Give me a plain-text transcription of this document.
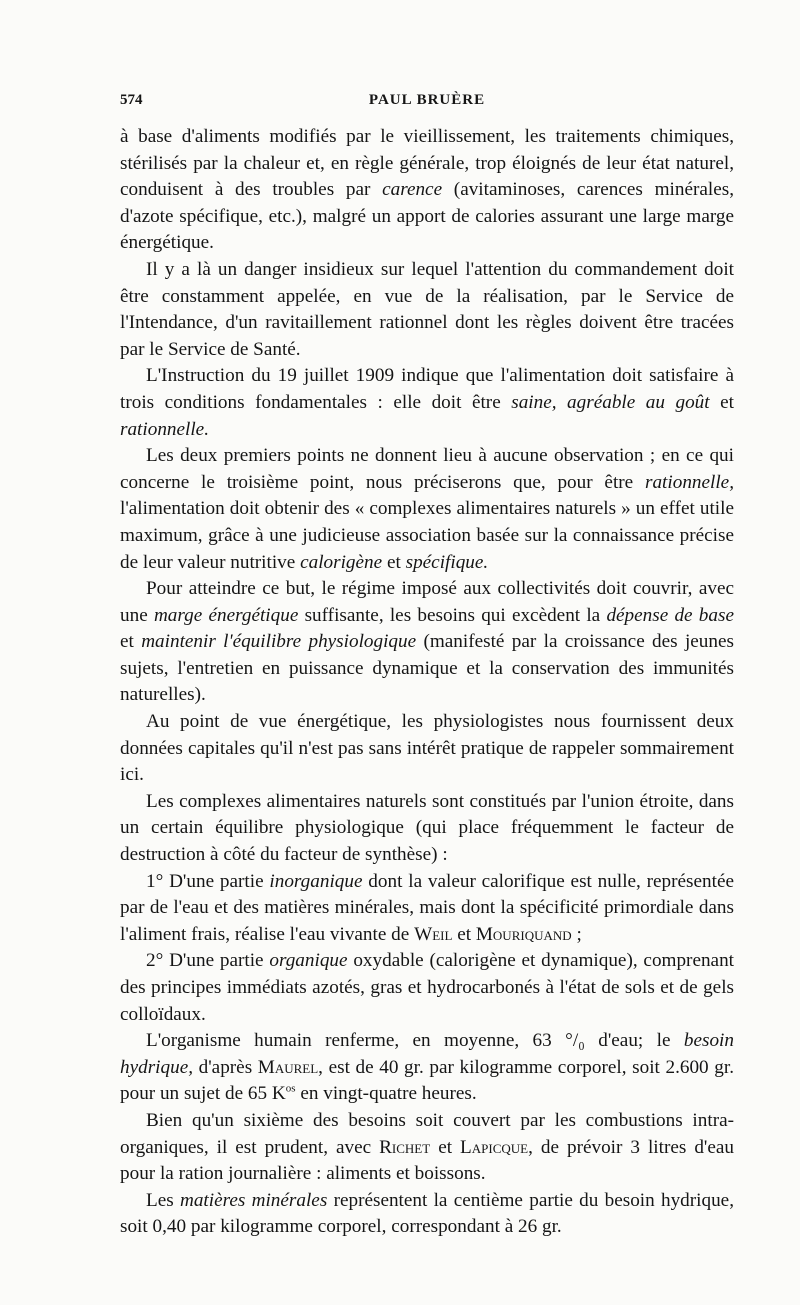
574	PAUL BRUÈRE

à base d'aliments modifiés par le vieillissement, les traitements chimiques, stérilisés par la chaleur et, en règle générale, trop éloignés de leur état naturel, conduisent à des troubles par carence (avitaminoses, carences minérales, d'azote spécifique, etc.), malgré un apport de calories assurant une large marge énergétique.

Il y a là un danger insidieux sur lequel l'attention du commandement doit être constamment appelée, en vue de la réalisation, par le Service de l'Intendance, d'un ravitaillement rationnel dont les règles doivent être tracées par le Service de Santé.

L'Instruction du 19 juillet 1909 indique que l'alimentation doit satisfaire à trois conditions fondamentales : elle doit être saine, agréable au goût et rationnelle.

Les deux premiers points ne donnent lieu à aucune observation ; en ce qui concerne le troisième point, nous préciserons que, pour être rationnelle, l'alimentation doit obtenir des « complexes alimentaires naturels » un effet utile maximum, grâce à une judicieuse association basée sur la connaissance précise de leur valeur nutritive calorigène et spécifique.

Pour atteindre ce but, le régime imposé aux collectivités doit couvrir, avec une marge énergétique suffisante, les besoins qui excèdent la dépense de base et maintenir l'équilibre physiologique (manifesté par la croissance des jeunes sujets, l'entretien en puissance dynamique et la conservation des immunités naturelles).

Au point de vue énergétique, les physiologistes nous fournissent deux données capitales qu'il n'est pas sans intérêt pratique de rappeler sommairement ici.

Les complexes alimentaires naturels sont constitués par l'union étroite, dans un certain équilibre physiologique (qui place fréquemment le facteur de destruction à côté du facteur de synthèse) :

1° D'une partie inorganique dont la valeur calorifique est nulle, représentée par de l'eau et des matières minérales, mais dont la spécificité primordiale dans l'aliment frais, réalise l'eau vivante de Weil et Mouriquand ;

2° D'une partie organique oxydable (calorigène et dynamique), comprenant des principes immédiats azotés, gras et hydrocarbonés à l'état de sols et de gels colloïdaux.

L'organisme humain renferme, en moyenne, 63 °/₀ d'eau; le besoin hydrique, d'après Maurel, est de 40 gr. par kilogramme corporel, soit 2.600 gr. pour un sujet de 65 $K^{os}$ en vingt-quatre heures.

Bien qu'un sixième des besoins soit couvert par les combustions intra-organiques, il est prudent, avec Richet et Lapicque, de prévoir 3 litres d'eau pour la ration journalière : aliments et boissons.

Les matières minérales représentent la centième partie du besoin hydrique, soit 0,40 par kilogramme corporel, correspondant à 26 gr.
